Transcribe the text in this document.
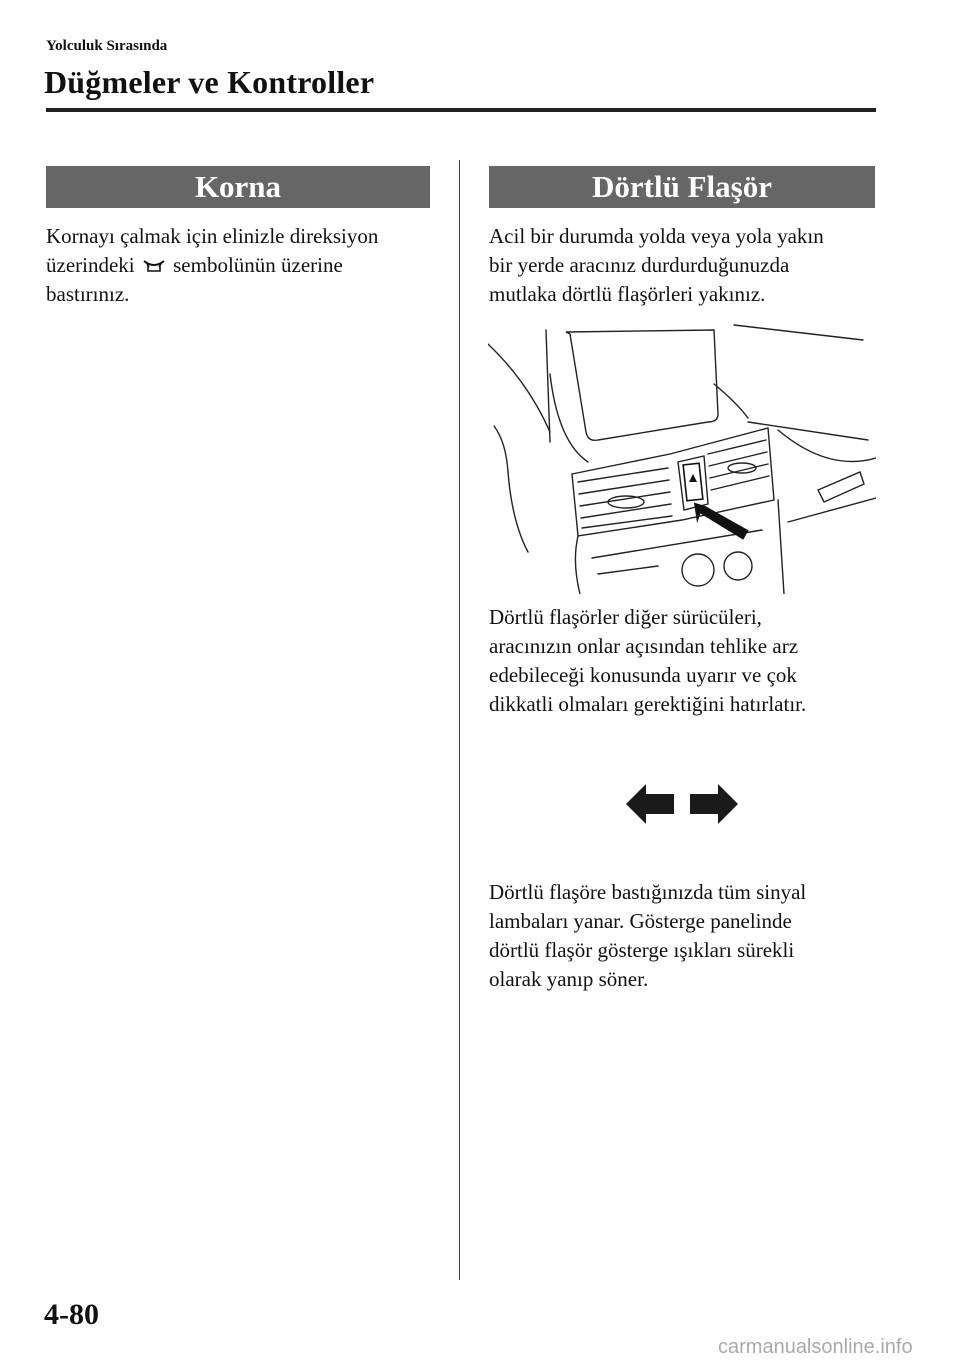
Yolculuk Sırasında
Düğmeler ve Kontroller
Korna

Kornayı çalmak için elinizle direksiyon
üzerindeki sembolünün üzerine
bastırınız.

Dörtlü Flaşör

Acil bir durumda yolda veya yola yakın
bir yerde aracınız durdurduğunuzda
mutlaka dörtlü flaşörleri yakınız.

Dörtlü flaşörler diğer sürücüleri,
aracınızın onlar açısından tehlike arz
edebileceği konusunda uyarır ve çok
dikkatli olmaları gerektiğini hatırlatır.

Dörtlü flaşöre bastığınızda tüm sinyal
lambaları yanar. Gösterge panelinde
dörtlü flaşör gösterge ışıkları sürekli
olarak yanıp söner.

4-80
carmanualsonline.info
